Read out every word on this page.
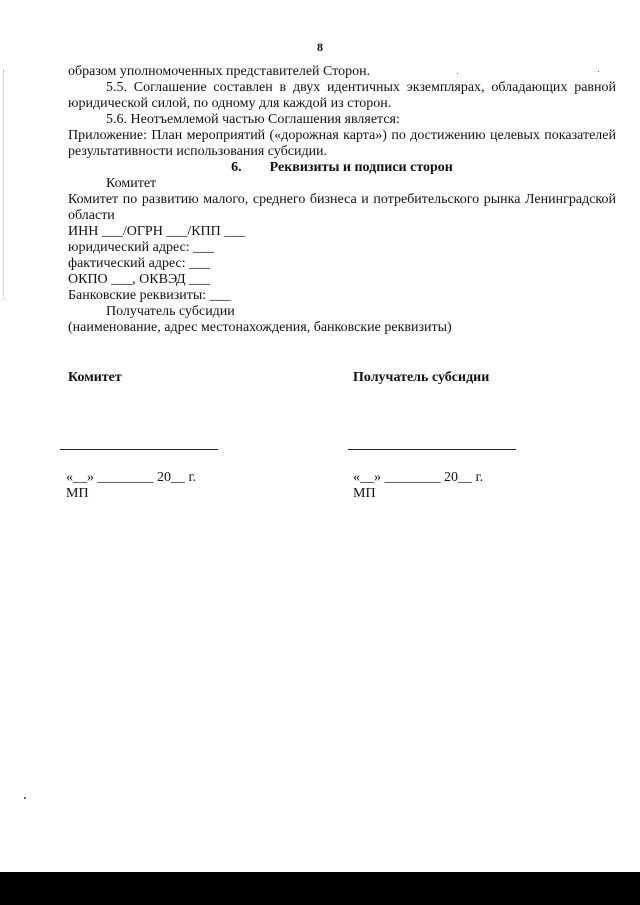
8

образом уполномоченных представителей Сторон.

5.5. Соглашение составлен в двух идентичных экземплярах, обладающих равной юридической силой, по одному для каждой из сторон.

5.6. Неотъемлемой частью Соглашения является:

Приложение: План мероприятий («дорожная карта») по достижению целевых показателей результативности использования субсидии.

6. Реквизиты и подписи сторон

Комитет

Комитет по развитию малого, среднего бизнеса и потребительского рынка Ленинградской области

ИНН ___/ОГРН ___/КПП ___

юридический адрес: ___

фактический адрес: ___

ОКПО ___, ОКВЭД ___

Банковские реквизиты: ___

Получатель субсидии

(наименование, адрес местонахождения, банковские реквизиты)

Комитет	Получатель субсидии
«__» ________ 20__ г.
МП
«__» ________ 20__ г.
МП
